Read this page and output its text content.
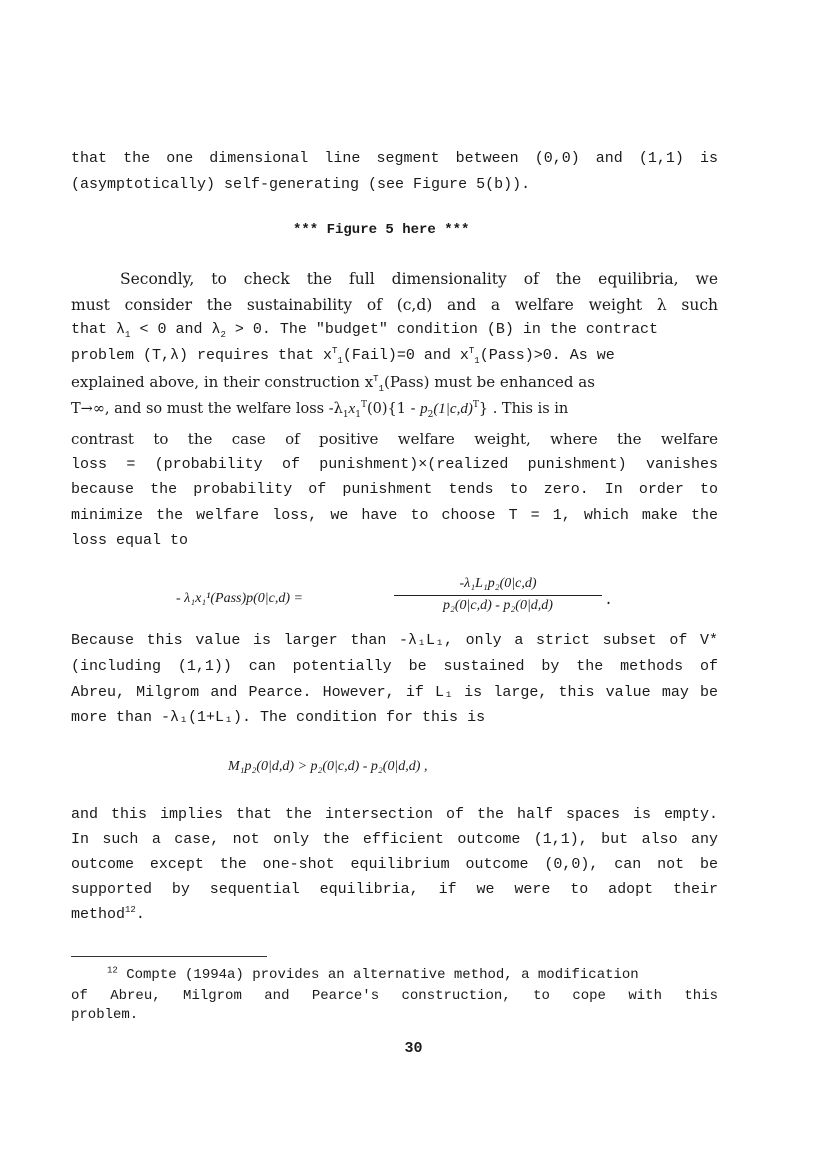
that the one dimensional line segment between (0,0) and (1,1) is
(asymptotically) self-generating (see Figure 5(b)).
*** Figure 5 here ***
Secondly, to check the full dimensionality of the equilibria, we
must consider the sustainability of (c,d) and a welfare weight λ such
that $\lambda_1 < 0$ and $\lambda_2 > 0$. The "budget" condition (B) in the contract
problem (T,λ) requires that $x^T_1(Fail)=0$ and $x^T_1(Pass)>0$. As we
explained above, in their construction $x^T_1(Pass)$ must be enhanced as
T→∞, and so must the welfare loss $-\lambda_1x_1^T(0)\{1 - p_2(1|c,d)^T\}$ . This is in
contrast to the case of positive welfare weight, where the welfare
loss = (probability of punishment)×(realized punishment) vanishes
because the probability of punishment tends to zero. In order to
minimize the welfare loss, we have to choose T = 1, which make the
loss equal to
- λ₁x₁¹(Pass)p(0|c,d) =
-λ₁L₁p₂(0|c,d)
p₂(0|c,d) - p₂(0|d,d)	.
Because this value is larger than -λ₁L₁, only a strict subset of V*
(including (1,1)) can potentially be sustained by the methods of
Abreu, Milgrom and Pearce. However, if L₁ is large, this value may be
more than -λ₁(1+L₁). The condition for this is
M₁p₂(0|d,d) > p₂(0|c,d) - p₂(0|d,d) ,
and this implies that the intersection of the half spaces is empty.
In such a case, not only the efficient outcome (1,1), but also any
outcome except the one-shot equilibrium outcome (0,0), can not be
supported by sequential equilibria, if we were to adopt their
method$^{12}$.
$^{12}$ Compte (1994a) provides an alternative method, a modification
of Abreu, Milgrom and Pearce's construction, to cope with this
problem.
30
